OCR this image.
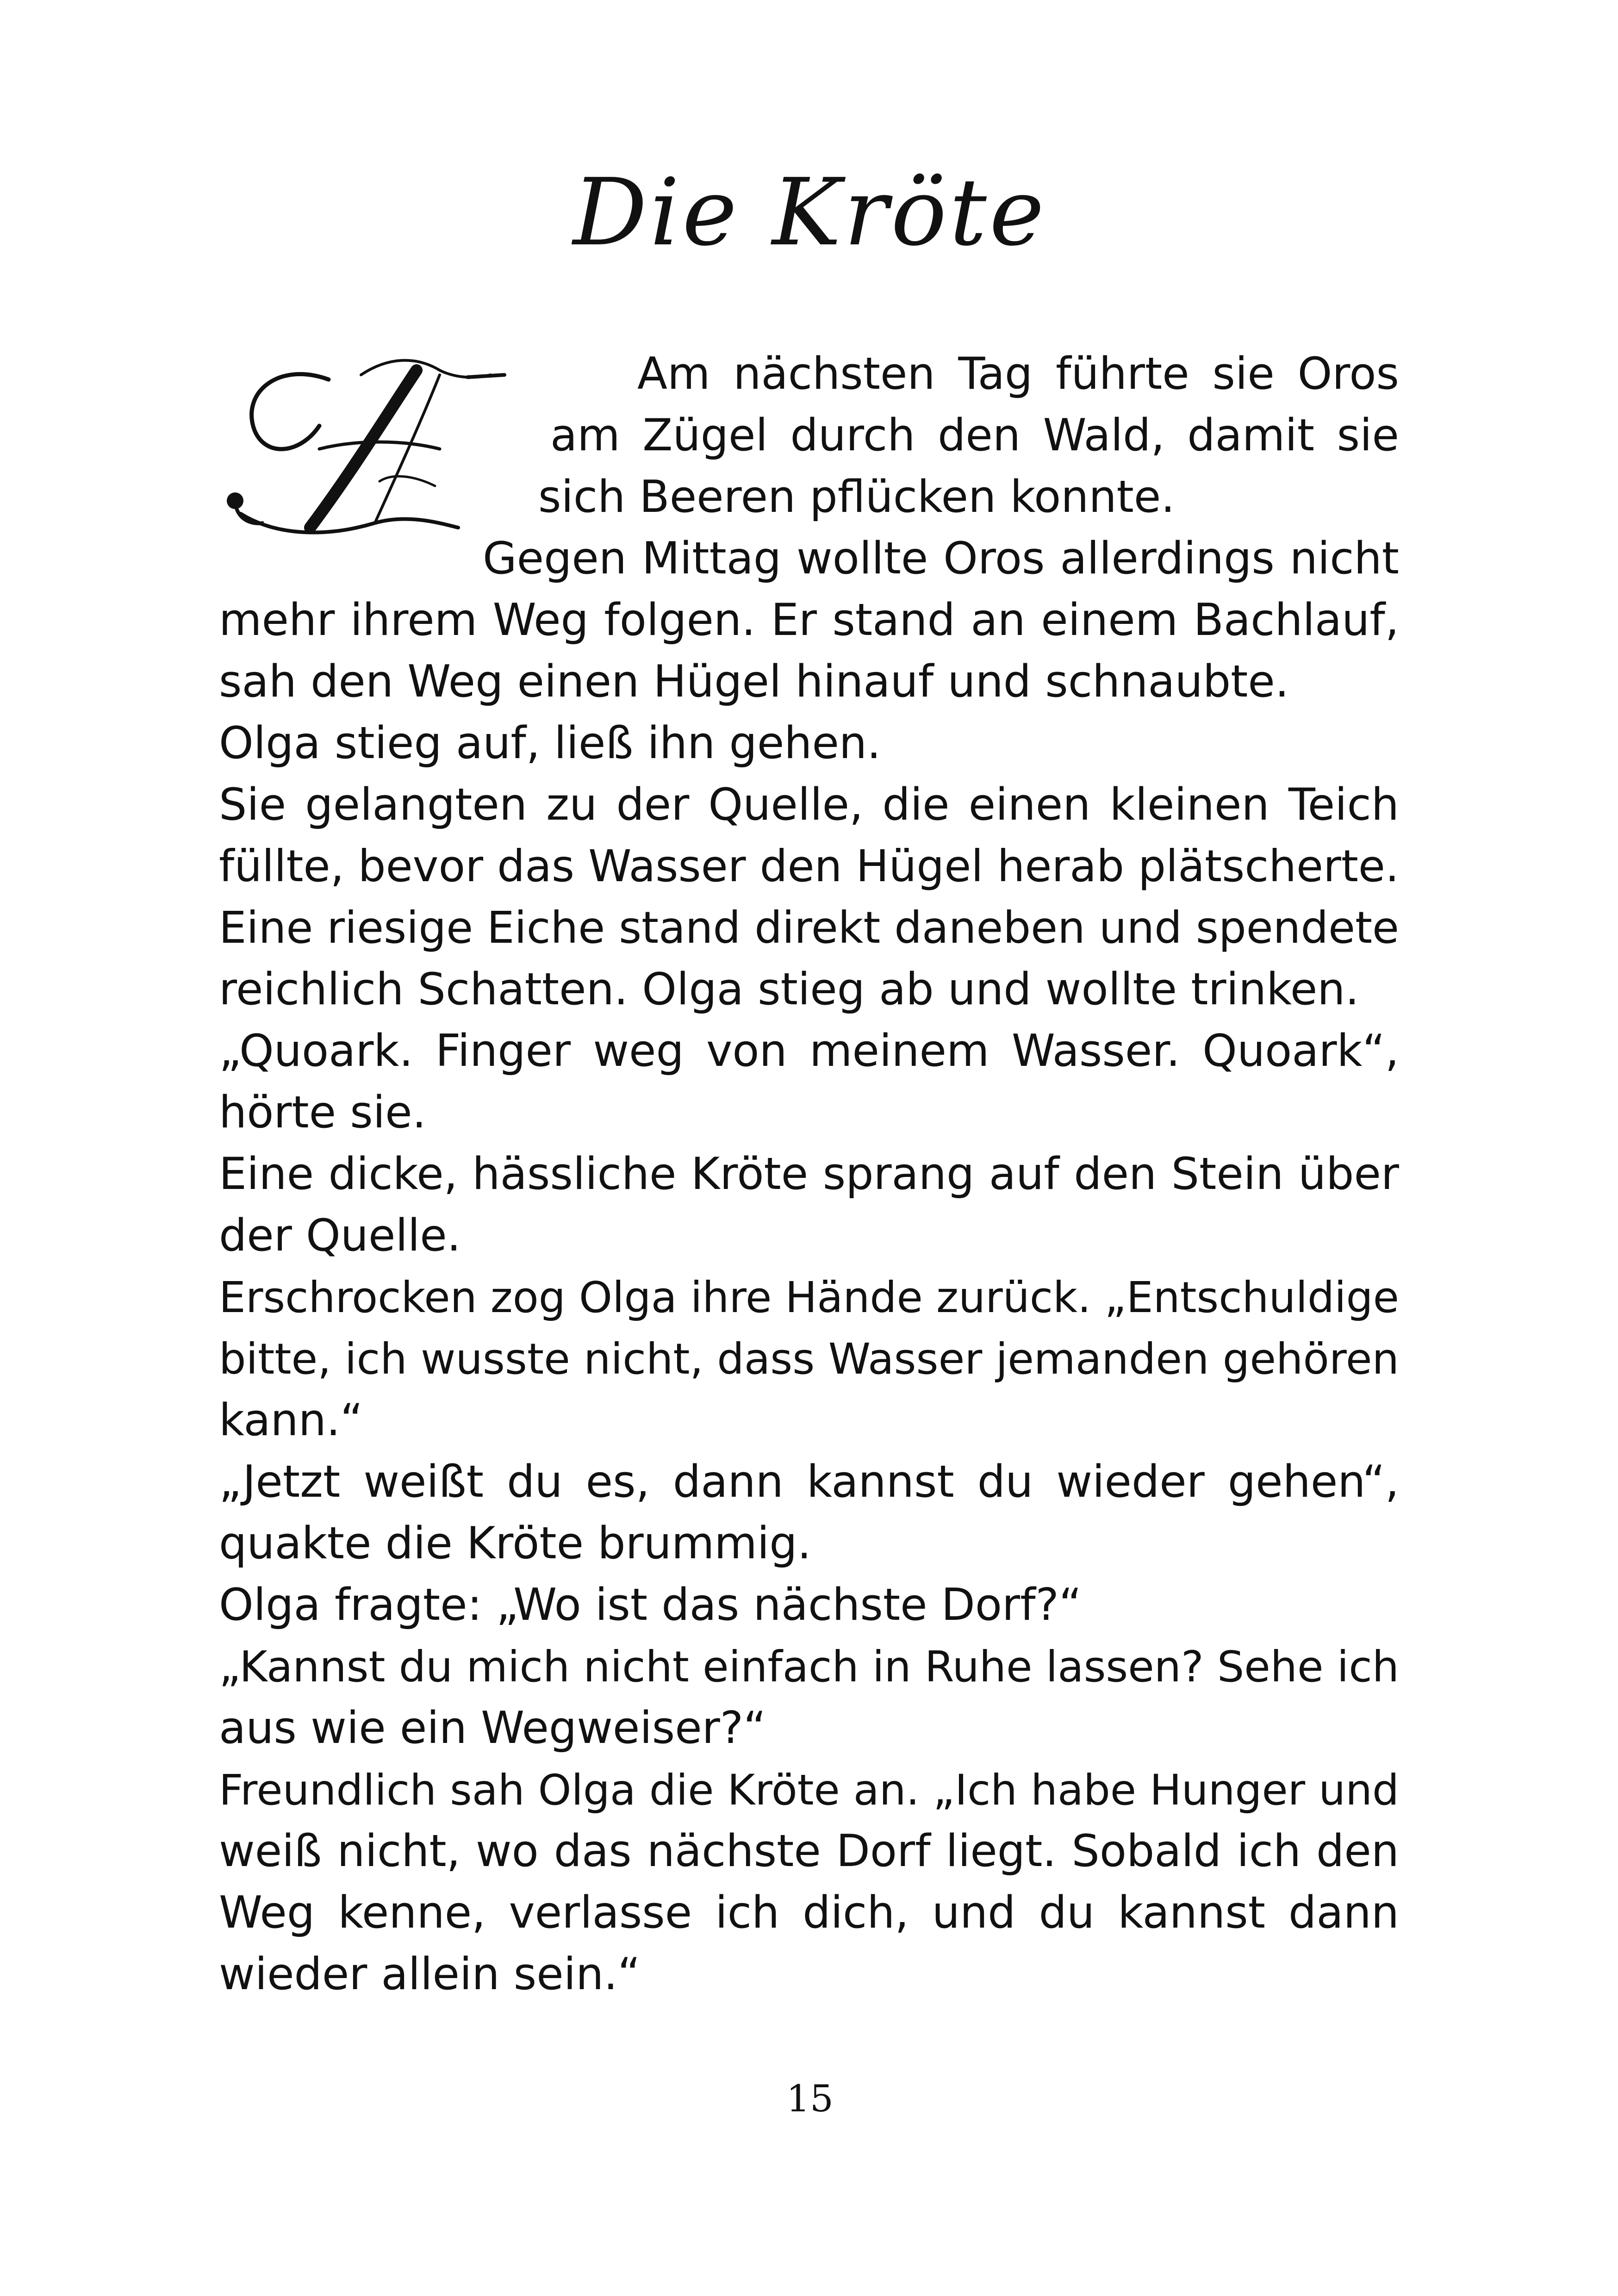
Die Kröte

Am nächsten Tag führte sie Oros

am Zügel durch den Wald, damit sie

sich Beeren pflücken konnte.

Gegen Mittag wollte Oros allerdings nicht

mehr ihrem Weg folgen. Er stand an einem Bachlauf,

sah den Weg einen Hügel hinauf und schnaubte.

Olga stieg auf, ließ ihn gehen.

Sie gelangten zu der Quelle, die einen kleinen Teich

füllte, bevor das Wasser den Hügel herab plätscherte.

Eine riesige Eiche stand direkt daneben und spendete

reichlich Schatten. Olga stieg ab und wollte trinken.

„Quoark. Finger weg von meinem Wasser. Quoark“,

hörte sie.

Eine dicke, hässliche Kröte sprang auf den Stein über

der Quelle.

Erschrocken zog Olga ihre Hände zurück. „Entschuldige

bitte, ich wusste nicht, dass Wasser jemanden gehören

kann.“

„Jetzt weißt du es, dann kannst du wieder gehen“,

quakte die Kröte brummig.

Olga fragte: „Wo ist das nächste Dorf?“

„Kannst du mich nicht einfach in Ruhe lassen? Sehe ich

aus wie ein Wegweiser?“

Freundlich sah Olga die Kröte an. „Ich habe Hunger und

weiß nicht, wo das nächste Dorf liegt. Sobald ich den

Weg kenne, verlasse ich dich, und du kannst dann

wieder allein sein.“

15
